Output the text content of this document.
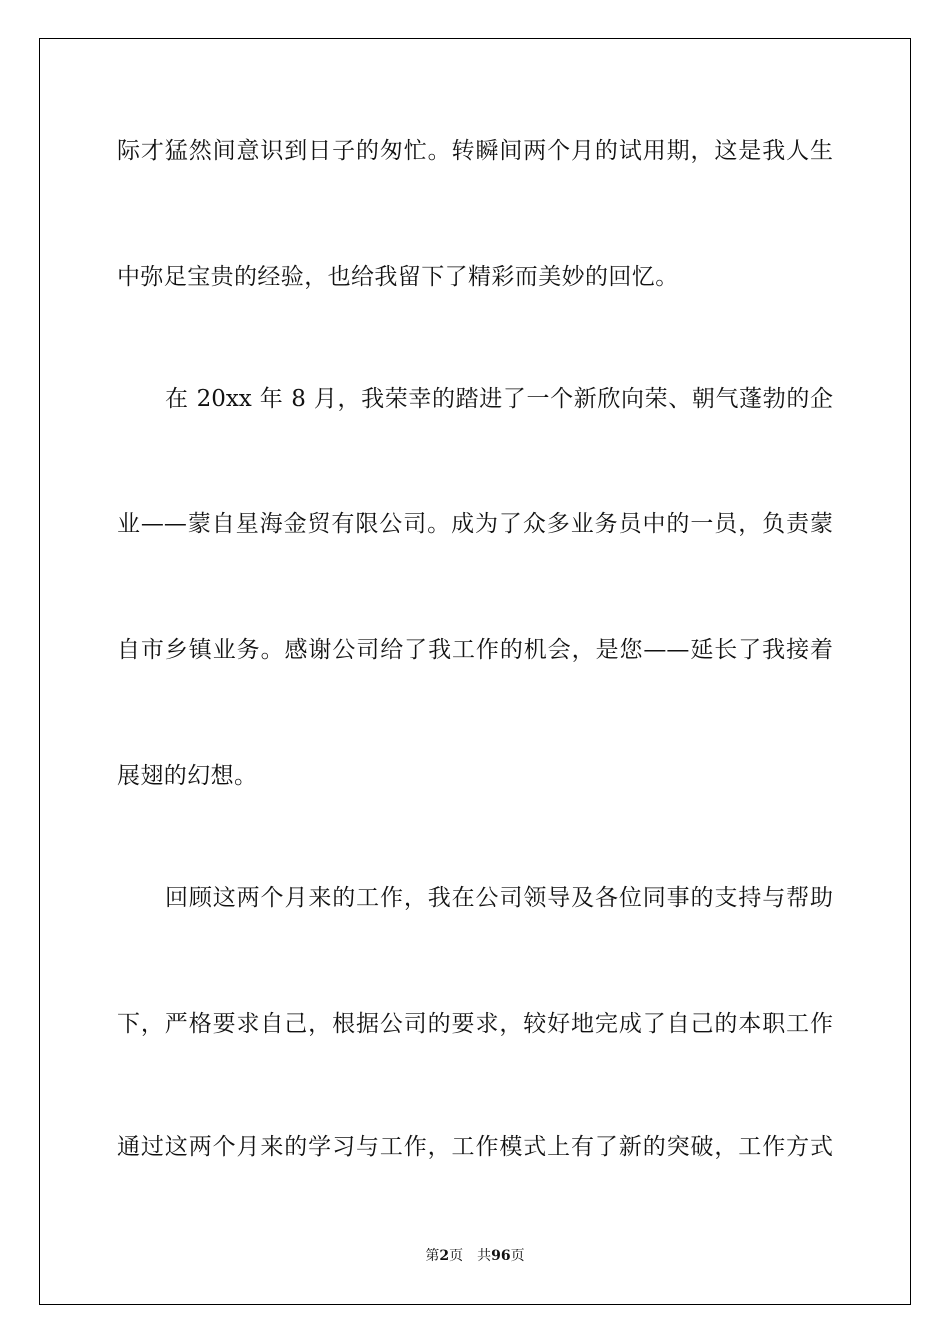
际才猛然间意识到日子的匆忙。转瞬间两个月的试用期，这是我人生
中弥足宝贵的经验，也给我留下了精彩而美妙的回忆。
在 20xx 年 8 月，我荣幸的踏进了一个新欣向荣、朝气蓬勃的企
业——蒙自星海金贸有限公司。成为了众多业务员中的一员，负责蒙
自市乡镇业务。感谢公司给了我工作的机会，是您——延长了我接着
展翅的幻想。
回顾这两个月来的工作，我在公司领导及各位同事的支持与帮助
下，严格要求自己，根据公司的要求，较好地完成了自己的本职工作
通过这两个月来的学习与工作，工作模式上有了新的突破，工作方式
第2页 共96页
